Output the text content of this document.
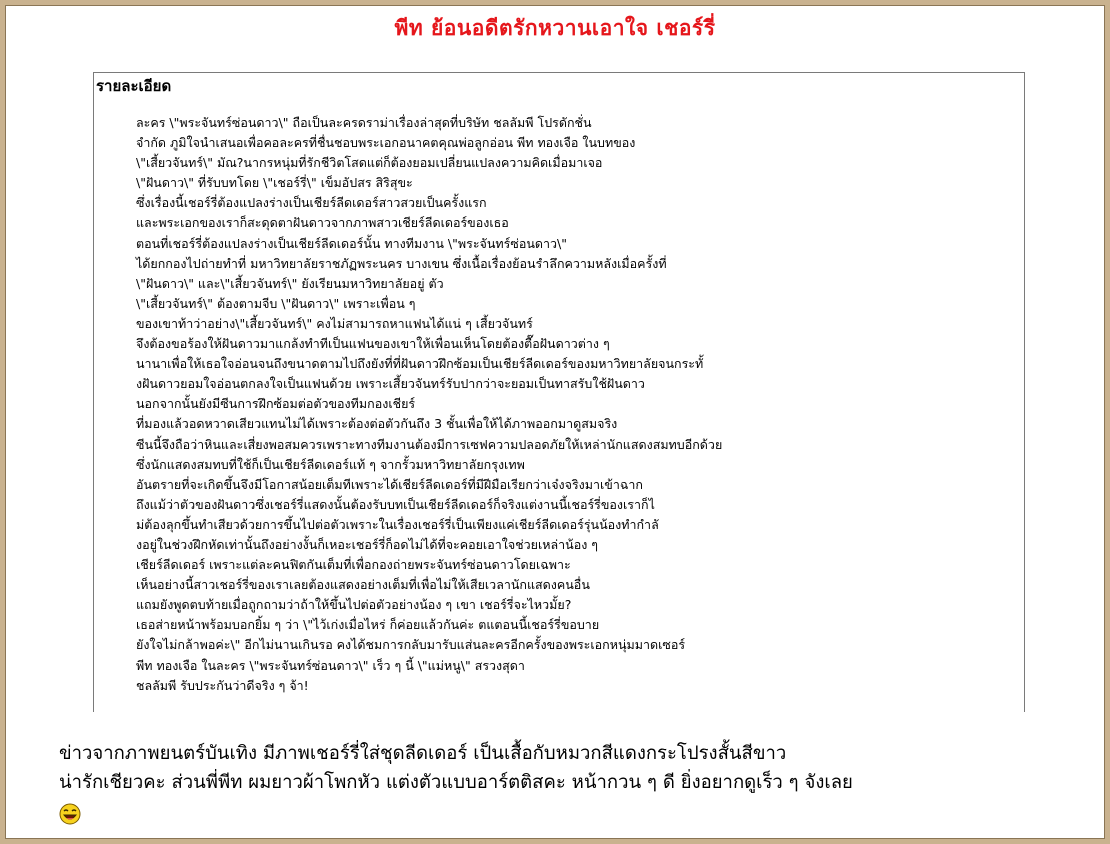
พีท ย้อนอดีตรักหวานเอาใจ เชอร์รี่
รายละเอียด
ละคร \"พระจันทร์ซ่อนดาว\" ถือเป็นละครดราม่าเรื่องล่าสุดที่บริษัท ชลลัมพี โปรดักชั่น
จำกัด ภูมิใจนำเสนอเพื่อคอละครที่ชื่นชอบพระเอกอนาคตคุณพ่อลูกอ่อน พีท ทองเจือ ในบทของ
\"เสี้ยวจันทร์\" มัณ?นากรหนุ่มที่รักชีวิตโสดแต่ก็ต้องยอมเปลี่ยนแปลงความคิดเมื่อมาเจอ
\"ฝันดาว\" ที่รับบทโดย \"เชอร์รี่\" เข็มอัปสร สิริสุขะ
ซึ่งเรื่องนี้เชอร์รี่ต้องแปลงร่างเป็นเชียร์ลีดเดอร์สาวสวยเป็นครั้งแรก
และพระเอกของเราก็สะดุดตาฝันดาวจากภาพสาวเชียร์ลีดเดอร์ของเธอ
ตอนที่เชอร์รี่ต้องแปลงร่างเป็นเชียร์ลีดเดอร์นั้น ทางทีมงาน \"พระจันทร์ซ่อนดาว\"
ได้ยกกองไปถ่ายทำที่ มหาวิทยาลัยราชภัฏพระนคร บางเขน ซึ่งเนื้อเรื่องย้อนรำลึกความหลังเมื่อครั้งที่
\"ฝันดาว\" และ\"เสี้ยวจันทร์\" ยังเรียนมหาวิทยาลัยอยู่ ตัว
\"เสี้ยวจันทร์\" ต้องตามจีบ \"ฝันดาว\" เพราะเพื่อน ๆ
ของเขาท้าว่าอย่าง\"เสี้ยวจันทร์\" คงไม่สามารถหาแฟนได้แน่ ๆ เสี้ยวจันทร์
จึงต้องขอร้องให้ฝันดาวมาแกล้งทำทีเป็นแฟนของเขาให้เพื่อนเห็นโดยต้องตื๊อฝันดาวต่าง ๆ
นานาเพื่อให้เธอใจอ่อนจนถึงขนาดตามไปถึงยังที่ที่ฝันดาวฝึกซ้อมเป็นเชียร์ลีดเดอร์ของมหาวิทยาลัยจนกระทั้
งฝันดาวยอมใจอ่อนตกลงใจเป็นแฟนด้วย เพราะเสี้ยวจันทร์รับปากว่าจะยอมเป็นทาสรับใช้ฝันดาว
นอกจากนั้นยังมีซีนการฝึกซ้อมต่อตัวของทีมกองเชียร์
ที่มองแล้วอดหวาดเสียวแทนไม่ได้เพราะต้องต่อตัวกันถึง 3 ชั้นเพื่อให้ได้ภาพออกมาดูสมจริง
ซีนนี้จึงถือว่าหินและเสี่ยงพอสมควรเพราะทางทีมงานต้องมีการเซฟความปลอดภัยให้เหล่านักแสดงสมทบอีกด้วย
ซึ่งนักแสดงสมทบที่ใช้ก็เป็นเชียร์ลีดเดอร์แท้ ๆ จากรั้วมหาวิทยาลัยกรุงเทพ
อันตรายที่จะเกิดขึ้นจึงมีโอกาสน้อยเต็มทีเพราะได้เชียร์ลีดเดอร์ที่มีฝีมือเรียกว่าเจ๋งจริงมาเข้าฉาก
ถึงแม้ว่าตัวของฝันดาวซึ่งเชอร์รี่แสดงนั้นต้องรับบทเป็นเชียร์ลีดเดอร์ก็จริงแต่งานนี้เชอร์รี่ของเราก็ไ
ม่ต้องลุกขึ้นทำเสียวด้วยการขึ้นไปต่อตัวเพราะในเรื่องเชอร์รี่เป็นเพียงแค่เชียร์ลีดเดอร์รุ่นน้องทำกำลั
งอยู่ในช่วงฝึกหัดเท่านั้นถึงอย่างงั้นก็เหอะเชอร์รี่ก็อดไม่ได้ที่จะคอยเอาใจช่วยเหล่าน้อง ๆ
เชียร์ลีดเดอร์ เพราะแต่ละคนฟิตกันเต็มที่เพื่อกองถ่ายพระจันทร์ซ่อนดาวโดยเฉพาะ
เห็นอย่างนี้สาวเชอร์รี่ของเราเลยต้องแสดงอย่างเต็มที่เพื่อไม่ให้เสียเวลานักแสดงคนอื่น
แถมยังพูดตบท้ายเมื่อถูกถามว่าถ้าให้ขึ้นไปต่อตัวอย่างน้อง ๆ เขา เชอร์รี่จะไหวมั้ย?
เธอส่ายหน้าพร้อมบอกยิ้ม ๆ ว่า \"ไว้เก่งเมื่อไหร่ ก็ค่อยแล้วกันค่ะ ตแตอนนี้เชอร์รี่ขอบาย
ยังใจไม่กล้าพอค่ะ\" อีกไม่นานเกินรอ คงได้ชมการกลับมารับแส่นละครอีกครั้งของพระเอกหนุ่มมาดเซอร์
พีท ทองเจือ ในละคร \"พระจันทร์ซ่อนดาว\" เร็ว ๆ นี้ \"แม่หนู\" สรวงสุดา
ชลลัมพี รับประกันว่าดีจริง ๆ จ้า!
ข่าวจากภาพยนตร์บันเทิง มีภาพเชอร์รี่ใส่ชุดลีดเดอร์ เป็นเสื้อกับหมวกสีแดงกระโปรงสั้นสีขาว
น่ารักเชียวคะ ส่วนพี่พีท ผมยาวผ้าโพกหัว แต่งตัวแบบอาร์ตติสคะ หน้ากวน ๆ ดี ยิ่งอยากดูเร็ว ๆ จังเลย
